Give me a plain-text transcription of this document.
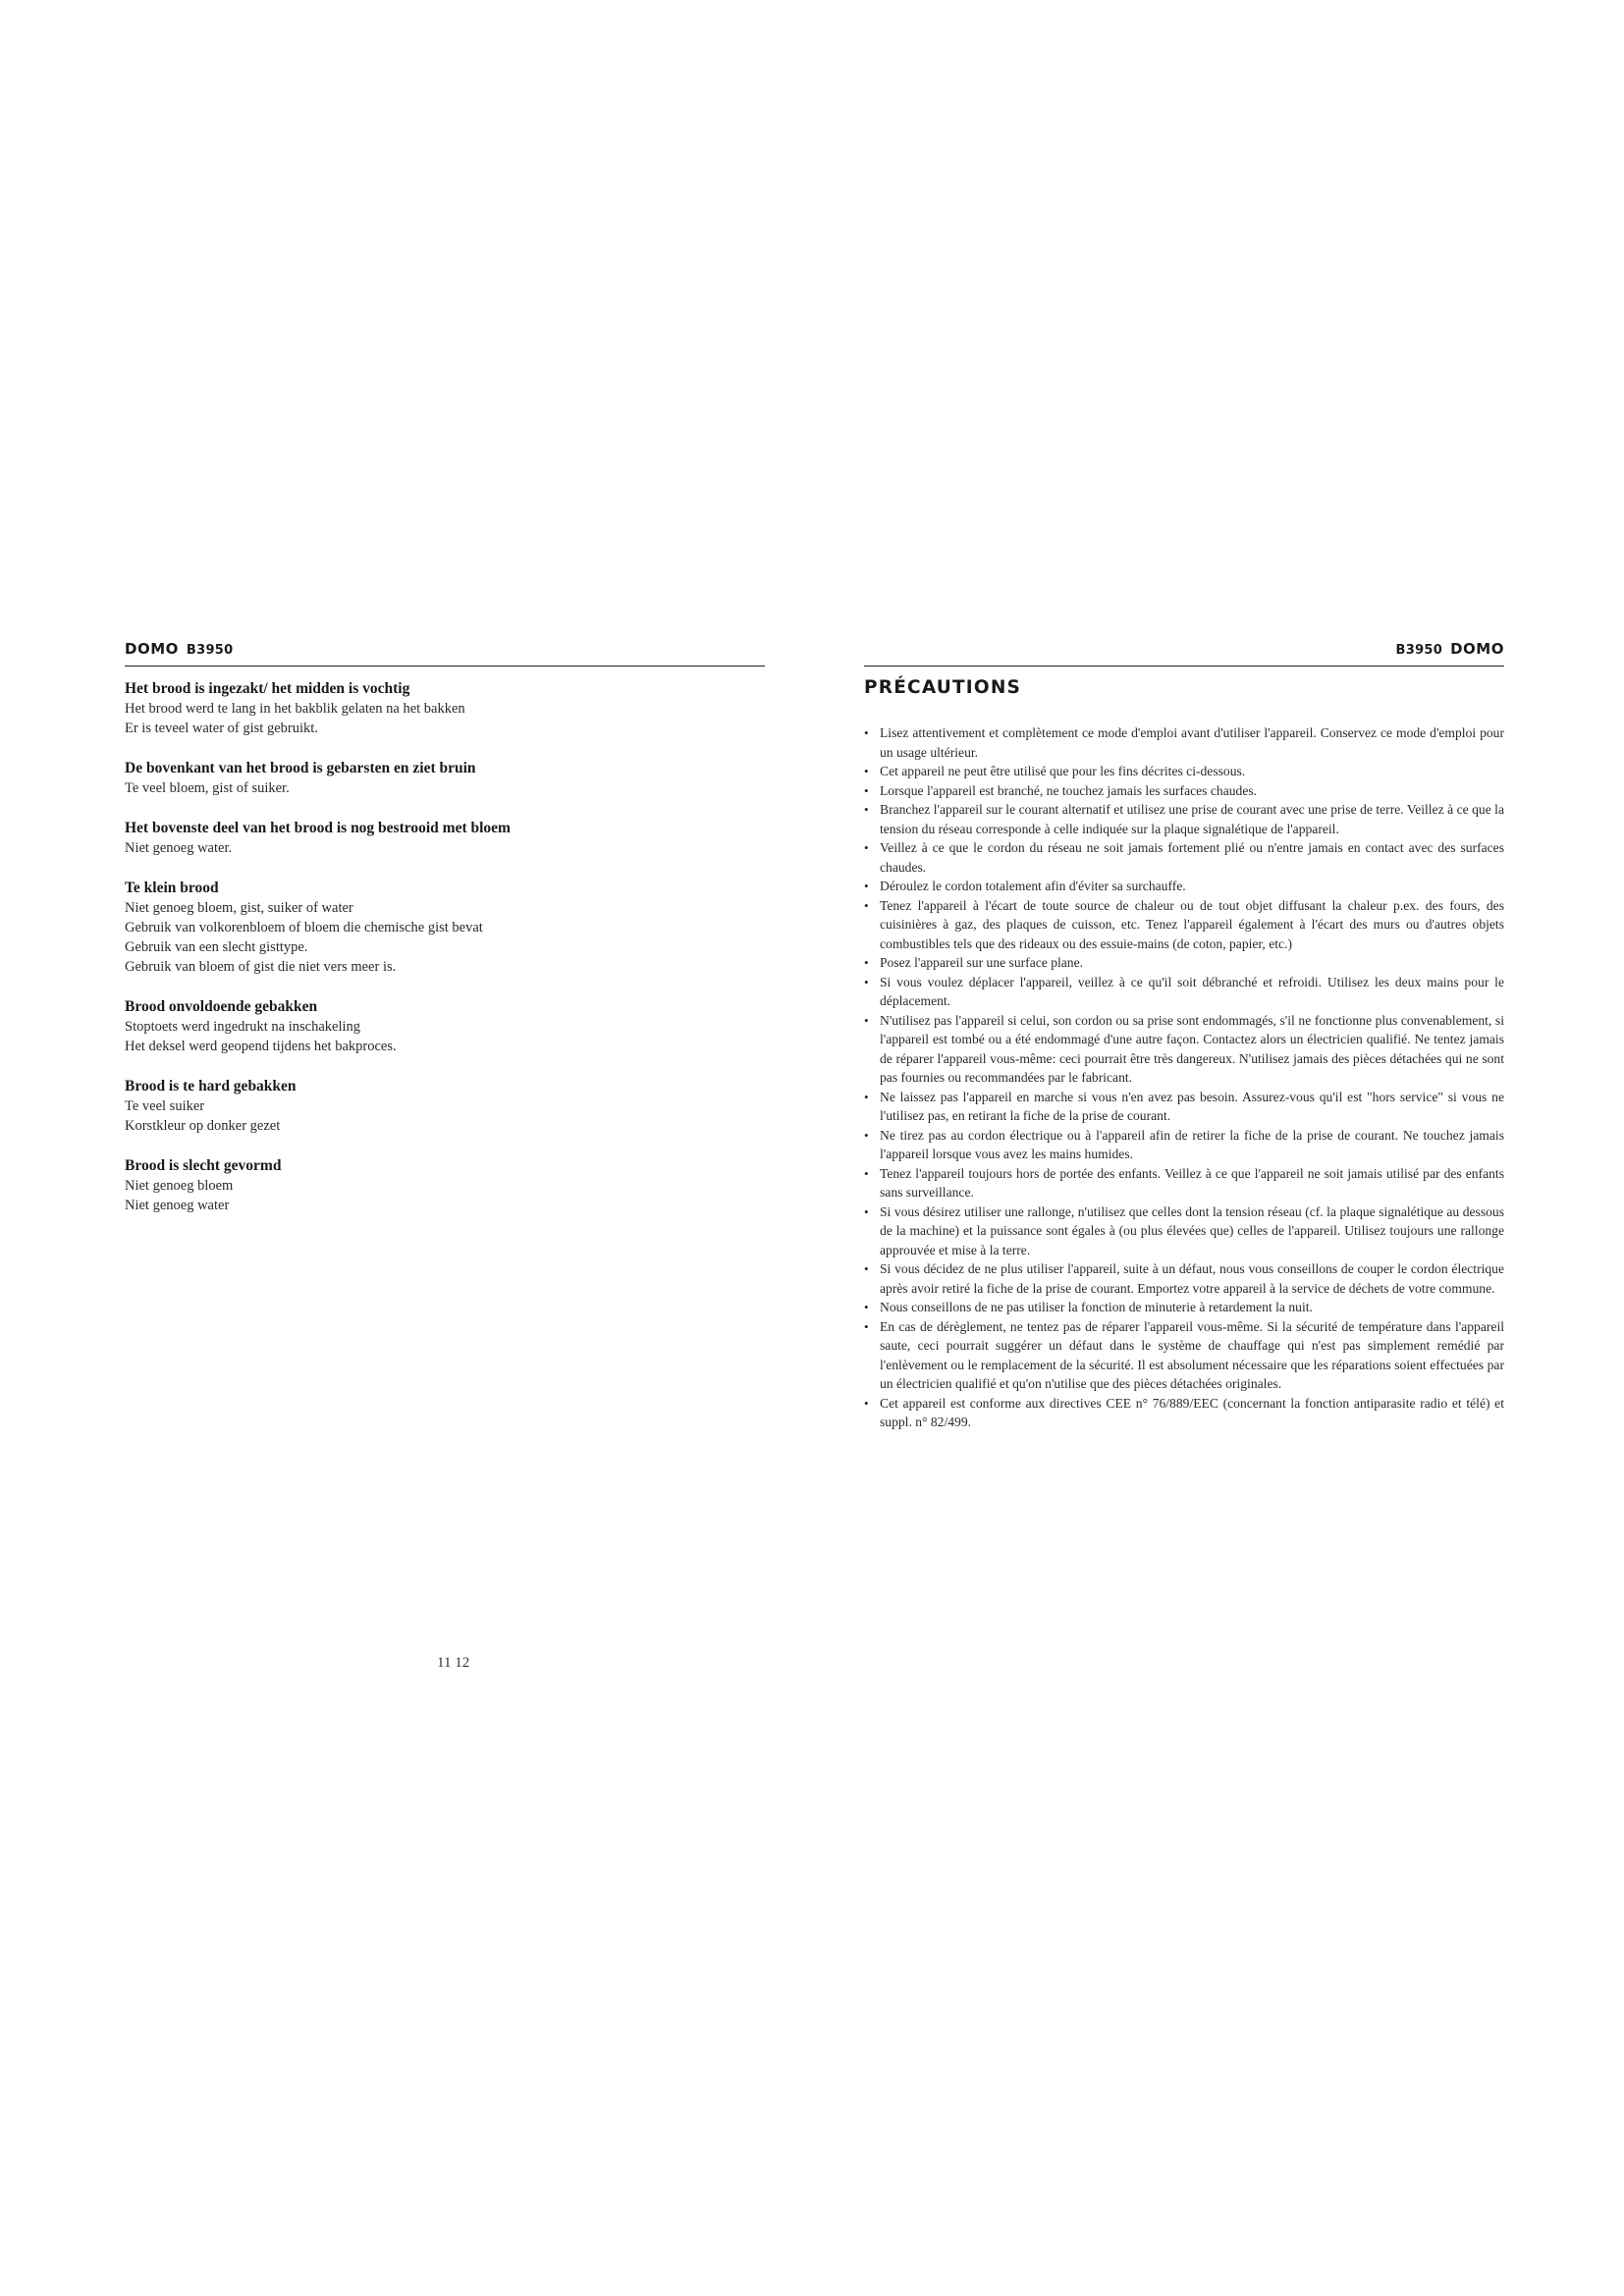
DOMO B3950
Het brood is ingezakt/ het midden is vochtig
Het brood werd te lang in het bakblik gelaten na het bakken
Er is teveel water of gist gebruikt.
De bovenkant van het brood is gebarsten en ziet bruin
Te veel bloem, gist of suiker.
Het bovenste deel van het brood is nog bestrooid met bloem
Niet genoeg water.
Te klein brood
Niet genoeg bloem, gist, suiker of water
Gebruik van volkorenbloem of bloem die chemische gist bevat
Gebruik van een slecht gisttype.
Gebruik van bloem of gist die niet vers meer is.
Brood onvoldoende gebakken
Stoptoets werd ingedrukt na inschakeling
Het deksel werd geopend tijdens het bakproces.
Brood is te hard gebakken
Te veel suiker
Korstkleur op donker gezet
Brood is slecht gevormd
Niet genoeg bloem
Niet genoeg water
11 12
B3950 DOMO
PRÉCAUTIONS
• Lisez attentivement et complètement ce mode d'emploi avant d'utiliser l'appareil. Conservez ce mode d'emploi pour un usage ultérieur.
• Cet appareil ne peut être utilisé que pour les fins décrites ci-dessous.
• Lorsque l'appareil est branché, ne touchez jamais les surfaces chaudes.
• Branchez l'appareil sur le courant alternatif et utilisez une prise de courant avec une prise de terre. Veillez à ce que la tension du réseau corresponde à celle indiquée sur la plaque signalétique de l'appareil.
• Veillez à ce que le cordon du réseau ne soit jamais fortement plié ou n'entre jamais en contact avec des surfaces chaudes.
• Déroulez le cordon totalement afin d'éviter sa surchauffe.
• Tenez l'appareil à l'écart de toute source de chaleur ou de tout objet diffusant la chaleur p.ex. des fours, des cuisinières à gaz, des plaques de cuisson, etc. Tenez l'appareil également à l'écart des murs ou d'autres objets combustibles tels que des rideaux ou des essuie-mains (de coton, papier, etc.)
• Posez l'appareil sur une surface plane.
• Si vous voulez déplacer l'appareil, veillez à ce qu'il soit débranché et refroidi. Utilisez les deux mains pour le déplacement.
• N'utilisez pas l'appareil si celui, son cordon ou sa prise sont endommagés, s'il ne fonctionne plus convenablement, si l'appareil est tombé ou a été endommagé d'une autre façon. Contactez alors un électricien qualifié. Ne tentez jamais de réparer l'appareil vous-même: ceci pourrait être très dangereux. N'utilisez jamais des pièces détachées qui ne sont pas fournies ou recommandées par le fabricant.
• Ne laissez pas l'appareil en marche si vous n'en avez pas besoin. Assurez-vous qu'il est "hors service" si vous ne l'utilisez pas, en retirant la fiche de la prise de courant.
• Ne tirez pas au cordon électrique ou à l'appareil afin de retirer la fiche de la prise de courant. Ne touchez jamais l'appareil lorsque vous avez les mains humides.
• Tenez l'appareil toujours hors de portée des enfants. Veillez à ce que l'appareil ne soit jamais utilisé par des enfants sans surveillance.
• Si vous désirez utiliser une rallonge, n'utilisez que celles dont la tension réseau (cf. la plaque signalétique au dessous de la machine) et la puissance sont égales à (ou plus élevées que) celles de l'appareil. Utilisez toujours une rallonge approuvée et mise à la terre.
• Si vous décidez de ne plus utiliser l'appareil, suite à un défaut, nous vous conseillons de couper le cordon électrique après avoir retiré la fiche de la prise de courant. Emportez votre appareil à la service de déchets de votre commune.
• Nous conseillons de ne pas utiliser la fonction de minuterie à retardement la nuit.
• En cas de dérèglement, ne tentez pas de réparer l'appareil vous-même. Si la sécurité de température dans l'appareil saute, ceci pourrait suggérer un défaut dans le système de chauffage qui n'est pas simplement remédié par l'enlèvement ou le remplacement de la sécurité. Il est absolument nécessaire que les réparations soient effectuées par un électricien qualifié et qu'on n'utilise que des pièces détachées originales.
• Cet appareil est conforme aux directives CEE n° 76/889/EEC (concernant la fonction antiparasite radio et télé) et suppl. n° 82/499.
